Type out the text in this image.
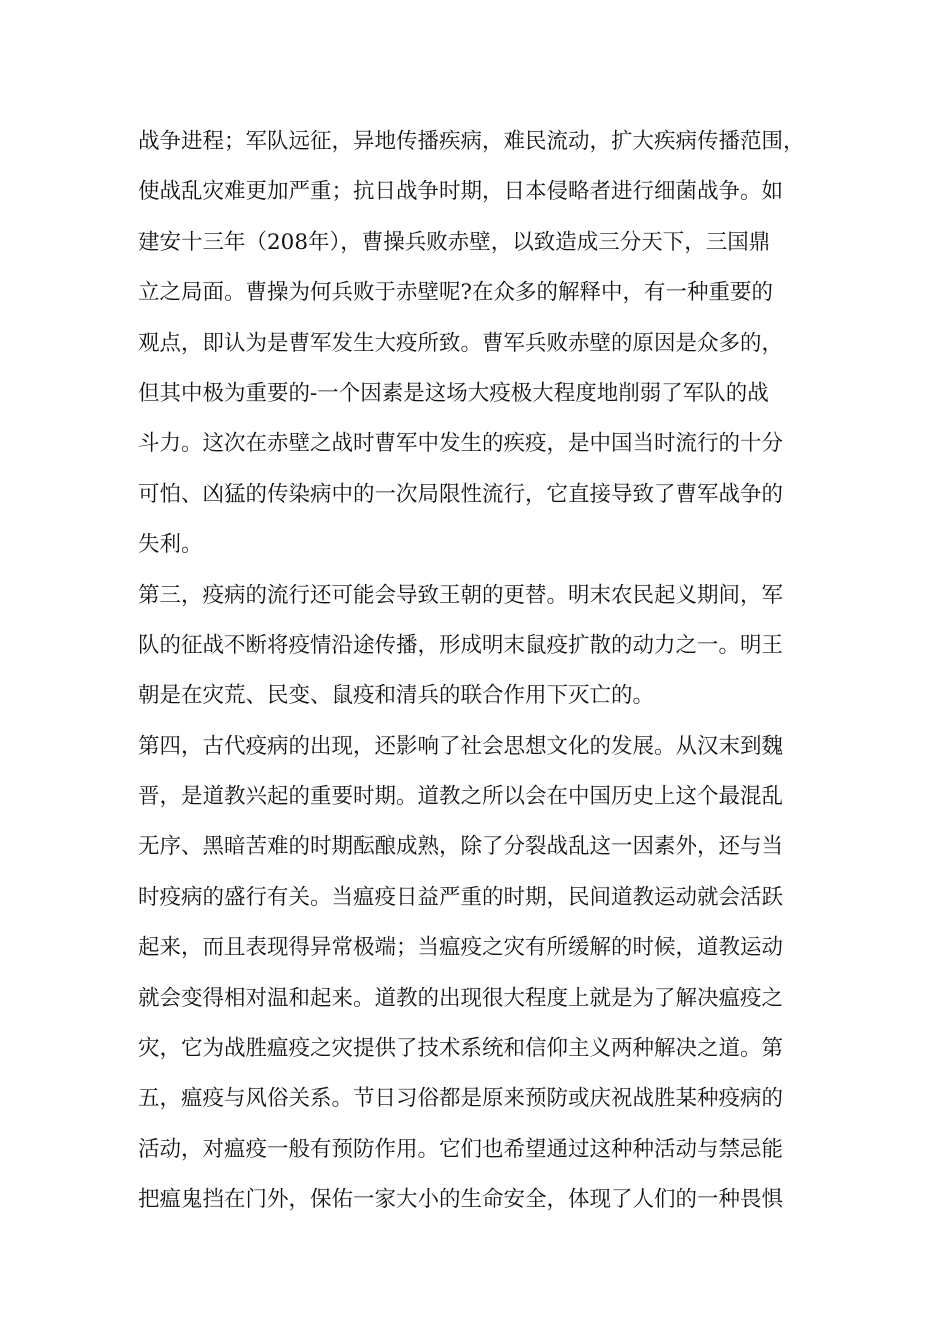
战争进程；军队远征，异地传播疾病，难民流动，扩大疾病传播范围，
使战乱灾难更加严重；抗日战争时期，日本侵略者进行细菌战争。如
建安十三年（208年），曹操兵败赤壁，以致造成三分天下，三国鼎
立之局面。曹操为何兵败于赤壁呢?在众多的解释中，有一种重要的
观点，即认为是曹军发生大疫所致。曹军兵败赤壁的原因是众多的，
但其中极为重要的-一个因素是这场大疫极大程度地削弱了军队的战
斗力。这次在赤壁之战时曹军中发生的疾疫，是中国当时流行的十分
可怕、凶猛的传染病中的一次局限性流行，它直接导致了曹军战争的
失利。
第三，疫病的流行还可能会导致王朝的更替。明末农民起义期间，军
队的征战不断将疫情沿途传播，形成明末鼠疫扩散的动力之一。明王
朝是在灾荒、民变、鼠疫和清兵的联合作用下灭亡的。
第四，古代疫病的出现，还影响了社会思想文化的发展。从汉末到魏
晋，是道教兴起的重要时期。道教之所以会在中国历史上这个最混乱
无序、黑暗苦难的时期酝酿成熟，除了分裂战乱这一因素外，还与当
时疫病的盛行有关。当瘟疫日益严重的时期，民间道教运动就会活跃
起来，而且表现得异常极端；当瘟疫之灾有所缓解的时候，道教运动
就会变得相对温和起来。道教的出现很大程度上就是为了解决瘟疫之
灾，它为战胜瘟疫之灾提供了技术系统和信仰主义两种解决之道。第
五，瘟疫与风俗关系。节日习俗都是原来预防或庆祝战胜某种疫病的
活动，对瘟疫一般有预防作用。它们也希望通过这种种活动与禁忌能
把瘟鬼挡在门外，保佑一家大小的生命安全，体现了人们的一种畏惧
